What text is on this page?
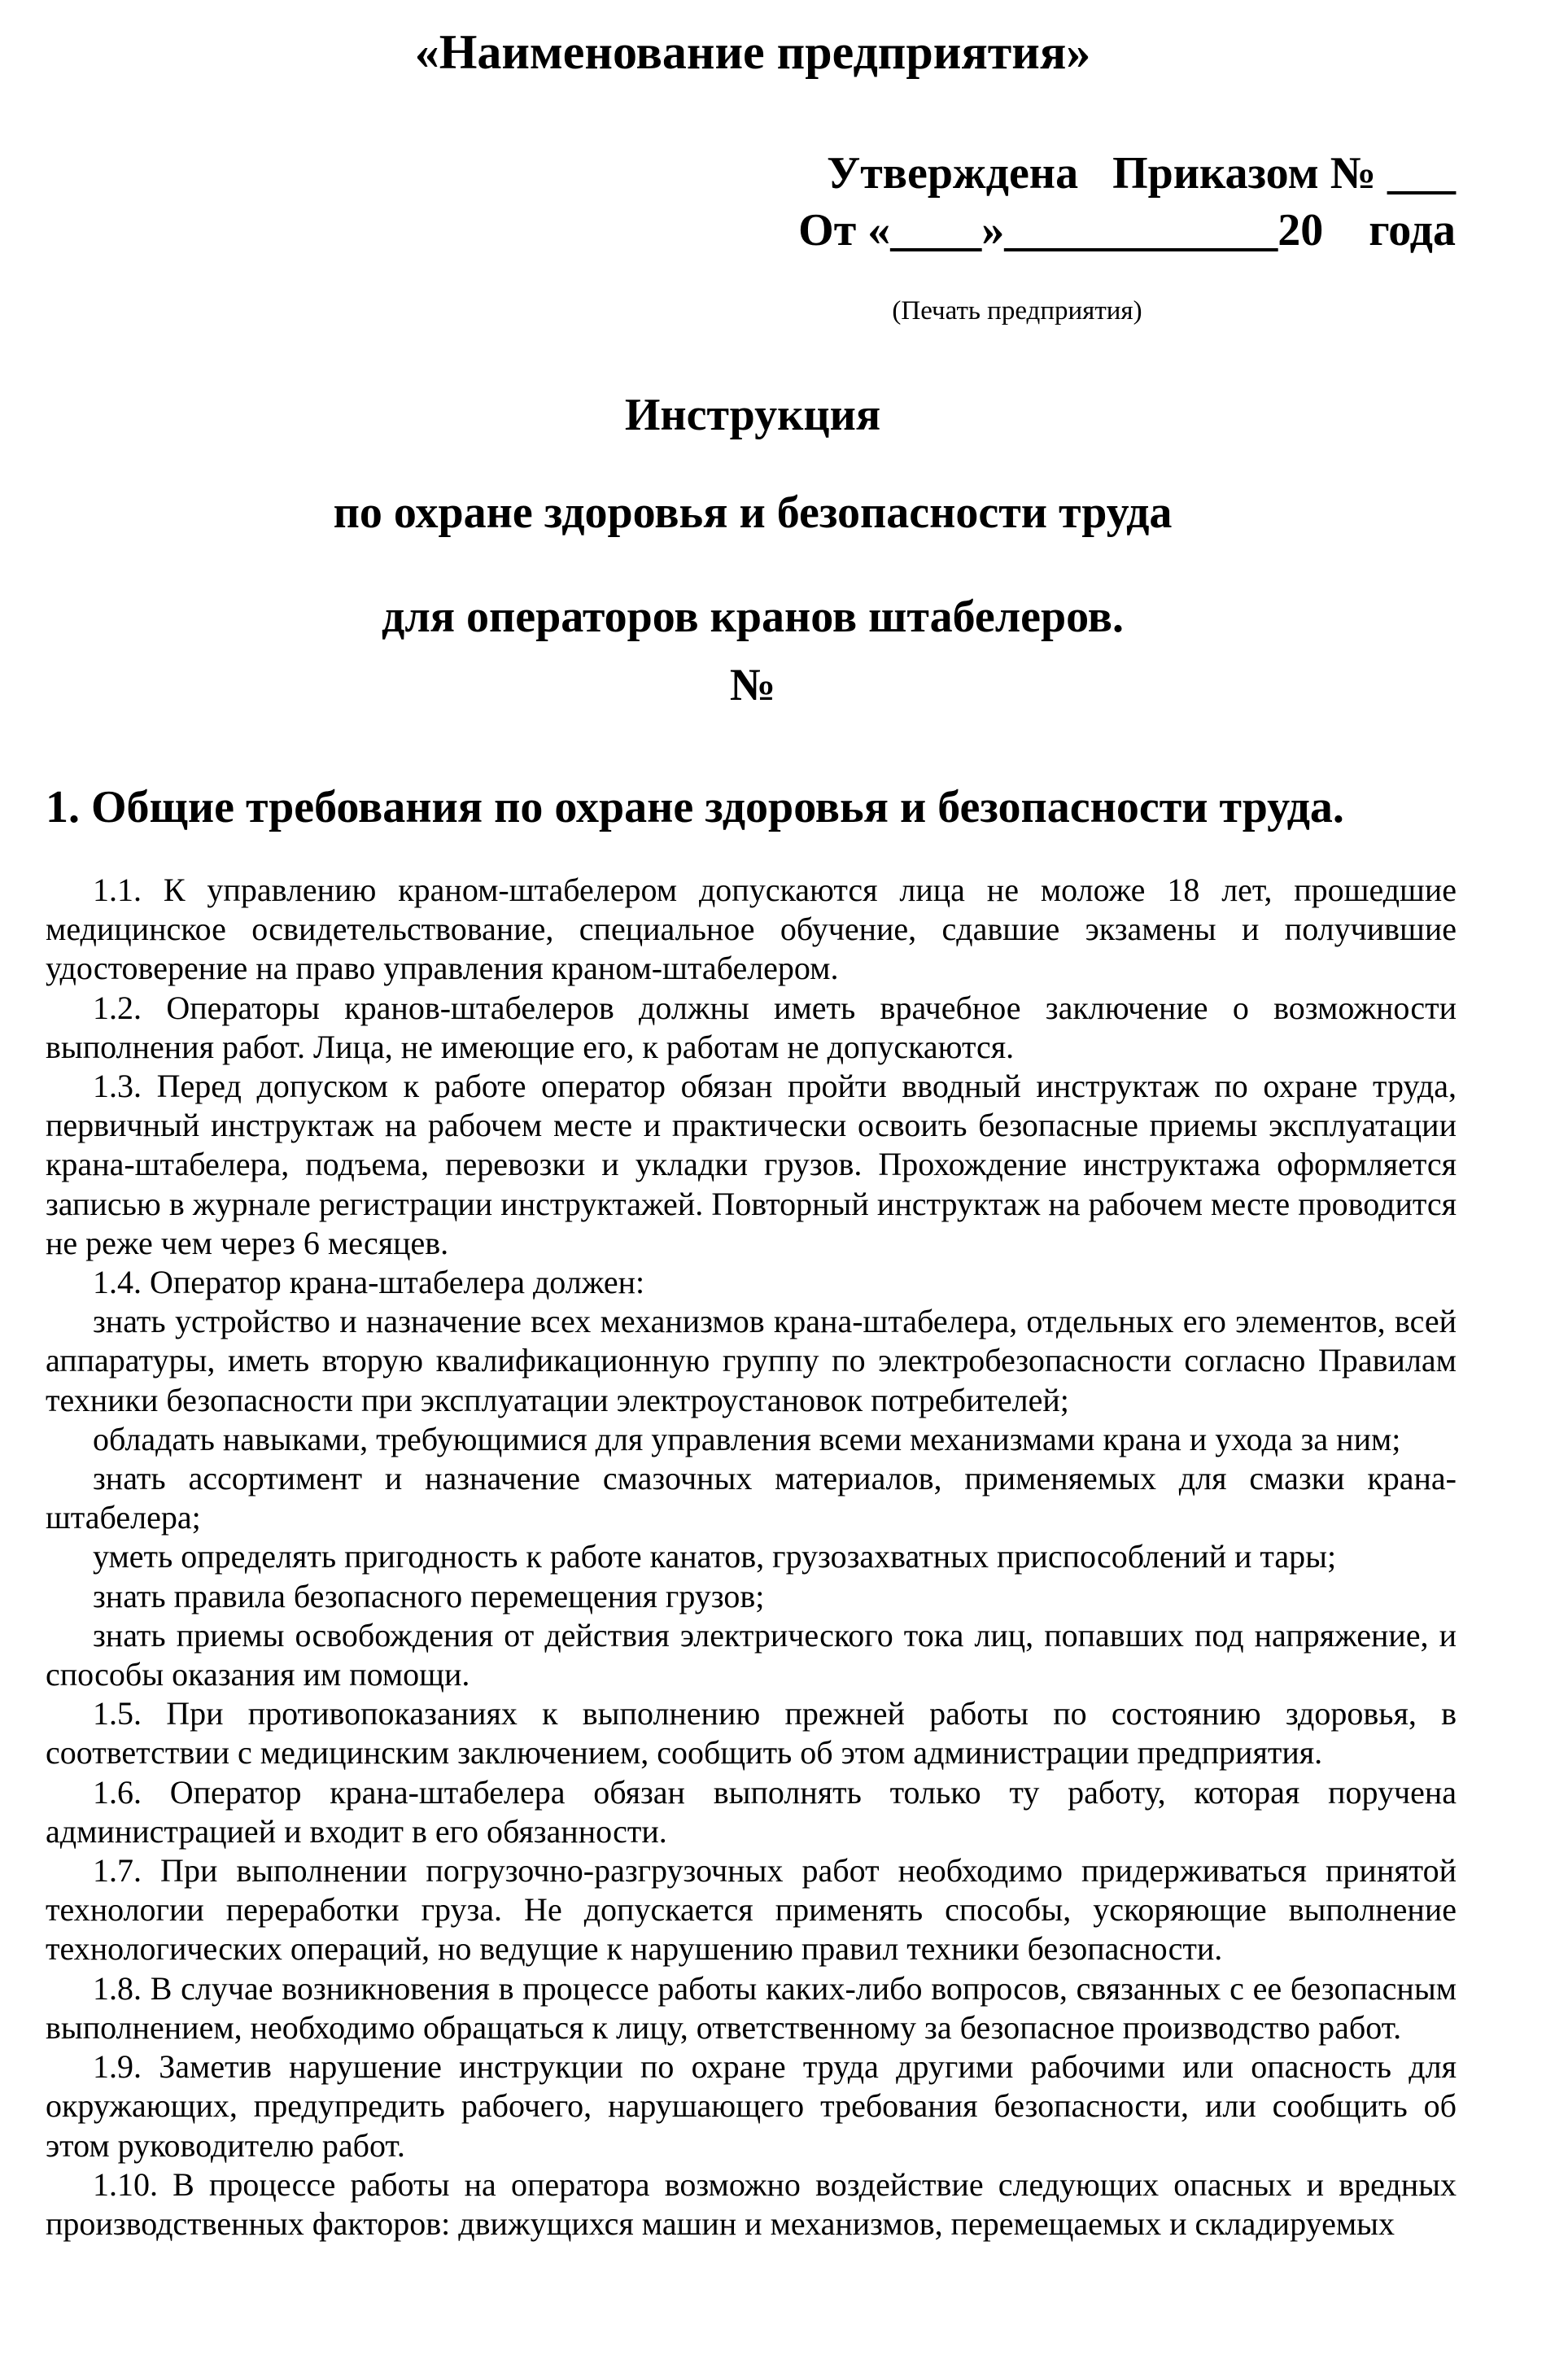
«Наименование предприятия»
Утверждена   Приказом № ___
От «____»____________20    года
(Печать предприятия)
Инструкция
по охране здоровья и безопасности труда
для операторов кранов штабелеров.
№
1. Общие требования по охране здоровья и безопасности труда.

1.1. К управлению краном-штабелером допускаются лица не моложе 18 лет, прошедшие медицинское освидетельствование, специальное обучение, сдавшие экзамены и получившие удостоверение на право управления краном-штабелером.

1.2. Операторы кранов-штабелеров должны иметь врачебное заключение о возможности выполнения работ. Лица, не имеющие его, к работам не допускаются.

1.3. Перед допуском к работе оператор обязан пройти вводный инструктаж по охране труда, первичный инструктаж на рабочем месте и практически освоить безопасные приемы эксплуатации крана-штабелера, подъема, перевозки и укладки грузов. Прохождение инструктажа оформляется записью в журнале регистрации инструктажей. Повторный инструктаж на рабочем месте проводится не реже чем через 6 месяцев.

1.4. Оператор крана-штабелера должен:

знать устройство и назначение всех механизмов крана-штабелера, отдельных его элементов, всей аппаратуры, иметь вторую квалификационную группу по электробезопасности согласно Правилам техники безопасности при эксплуатации электроустановок потребителей;

обладать навыками, требующимися для управления всеми механизмами крана и ухода за ним;

знать ассортимент и назначение смазочных материалов, применяемых для смазки крана-штабелера;

уметь определять пригодность к работе канатов, грузозахватных приспособлений и тары;

знать правила безопасного перемещения грузов;

знать приемы освобождения от действия электрического тока лиц, попавших под напряжение, и способы оказания им помощи.

1.5. При противопоказаниях к выполнению прежней работы по состоянию здоровья, в соответствии с медицинским заключением, сообщить об этом администрации предприятия.

1.6. Оператор крана-штабелера обязан выполнять только ту работу, которая поручена администрацией и входит в его обязанности.

1.7. При выполнении погрузочно-разгрузочных работ необходимо придерживаться принятой технологии переработки груза. Не допускается применять способы, ускоряющие выполнение технологических операций, но ведущие к нарушению правил техники безопасности.

1.8. В случае возникновения в процессе работы каких-либо вопросов, связанных с ее безопасным выполнением, необходимо обращаться к лицу, ответственному за безопасное производство работ.

1.9. Заметив нарушение инструкции по охране труда другими рабочими или опасность для окружающих, предупредить рабочего, нарушающего требования безопасности, или сообщить об этом руководителю работ.

1.10. В процессе работы на оператора возможно воздействие следующих опасных и вредных производственных факторов: движущихся машин и механизмов, перемещаемых и складируемых
